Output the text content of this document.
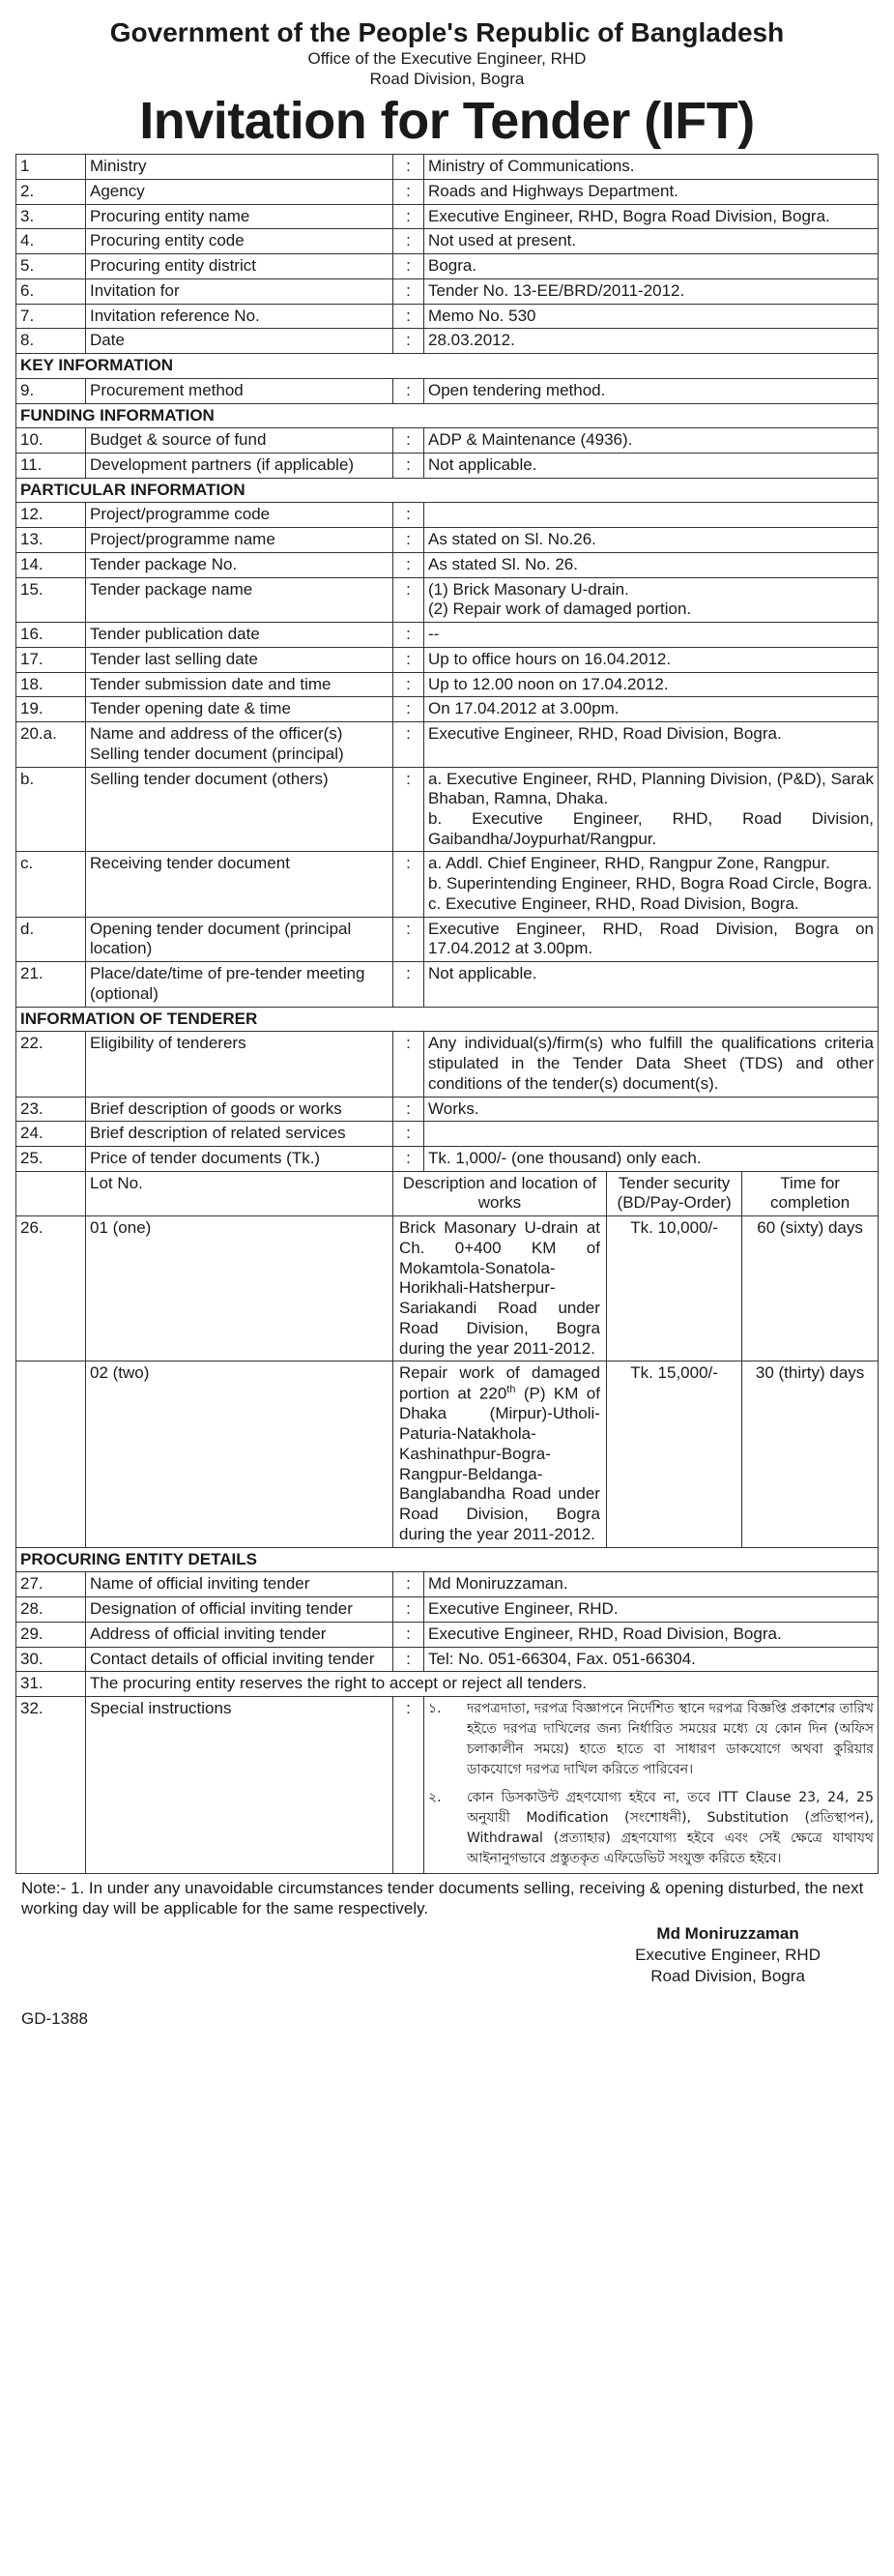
Government of the People's Republic of Bangladesh
Office of the Executive Engineer, RHD
Road Division, Bogra
Invitation for Tender (IFT)
1	Ministry	:	Ministry of Communications.

2.	Agency	:	Roads and Highways Department.

3.	Procuring entity name	:	Executive Engineer, RHD, Bogra Road Division, Bogra.

4.	Procuring entity code	:	Not used at present.

5.	Procuring entity district	:	Bogra.

6.	Invitation for	:	Tender No. 13-EE/BRD/2011-2012.

7.	Invitation reference No.	:	Memo No. 530

8.	Date	:	28.03.2012.

KEY INFORMATION
9.	Procurement method	:	Open tendering method.

FUNDING INFORMATION
10.	Budget & source of fund	:	ADP & Maintenance (4936).

11.	Development partners (if applicable)	:	Not applicable.

PARTICULAR INFORMATION
12.	Project/programme code	:	

13.	Project/programme name	:	As stated on Sl. No.26.

14.	Tender package No.	:	As stated Sl. No. 26.

15.	Tender package name	:	(1) Brick Masonary U-drain.
(2) Repair work of damaged portion.

16.	Tender publication date	:	--

17.	Tender last selling date	:	Up to office hours on 16.04.2012.

18.	Tender submission date and time	:	Up to 12.00 noon on 17.04.2012.

19.	Tender opening date & time	:	On 17.04.2012 at 3.00pm.

20.a.	Name and address of the officer(s) Selling tender document (principal)	:	Executive Engineer, RHD, Road Division, Bogra.

b.	Selling tender document (others)	:	a. Executive Engineer, RHD, Planning Division, (P&D), Sarak Bhaban, Ramna, Dhaka.
b. Executive Engineer, RHD, Road Division, Gaibandha/Joypurhat/Rangpur.

c.	Receiving tender document	:	a. Addl. Chief Engineer, RHD, Rangpur Zone, Rangpur.
b. Superintending Engineer, RHD, Bogra Road Circle, Bogra.
c. Executive Engineer, RHD, Road Division, Bogra.

d.	Opening tender document (principal location)	:	Executive Engineer, RHD, Road Division, Bogra on 17.04.2012 at 3.00pm.

21.	Place/date/time of pre-tender meeting (optional)	:	Not applicable.

INFORMATION OF TENDERER
22.	Eligibility of tenderers	:	Any individual(s)/firm(s) who fulfill the qualifications criteria stipulated in the Tender Data Sheet (TDS) and other conditions of the tender(s) document(s).

23.	Brief description of goods or works	:	Works.

24.	Brief description of related services	:	

25.	Price of tender documents (Tk.)	:	Tk. 1,000/- (one thousand) only each.

	Lot No.		Description and location of works	Tender security (BD/Pay-Order)	Time for completion

26.	01 (one)		Brick Masonary U-drain at Ch. 0+400 KM of Mokamtola-Sonatola-Horikhali-Hatsherpur-Sariakandi Road under Road Division, Bogra during the year 2011-2012.	Tk. 10,000/-	60 (sixty) days

	02 (two)		Repair work of damaged portion at 220th (P) KM of Dhaka (Mirpur)-Utholi-Paturia-Natakhola-Kashinathpur-Bogra-Rangpur-Beldanga-Banglabandha Road under Road Division, Bogra during the year 2011-2012.	Tk. 15,000/-	30 (thirty) days

PROCURING ENTITY DETAILS
27.	Name of official inviting tender	:	Md Moniruzzaman.

28.	Designation of official inviting tender	:	Executive Engineer, RHD.

29.	Address of official inviting tender	:	Executive Engineer, RHD, Road Division, Bogra.

30.	Contact details of official inviting tender	:	Tel: No. 051-66304, Fax. 051-66304.

31.	The procuring entity reserves the right to accept or reject all tenders.
32.	Special instructions	:	১.	দরপত্রদাতা, দরপত্র বিজ্ঞাপনে নির্দেশিত স্থানে দরপত্র বিজ্ঞপ্তি প্রকাশের তারিখ হইতে দরপত্র দাখিলের জন্য নির্ধারিত সময়ের মধ্যে যে কোন দিন (অফিস চলাকালীন সময়ে) হাতে হাতে বা সাধারণ ডাকযোগে অথবা কুরিয়ার ডাকযোগে দরপত্র দাখিল করিতে পারিবেন।
২.	কোন ডিসকাউন্ট গ্রহণযোগ্য হইবে না, তবে ITT Clause 23, 24, 25 অনুযায়ী Modification (সংশোধনী), Substitution (প্রতিস্থাপন), Withdrawal (প্রত্যাহার) গ্রহণযোগ্য হইবে এবং সেই ক্ষেত্রে যাথাযথ আইনানুগভাবে প্রস্তুতকৃত এফিডেভিট সংযুক্ত করিতে হইবে।
Note:- 1. In under any unavoidable circumstances tender documents selling, receiving & opening disturbed, the next working day will be applicable for the same respectively.
Md Moniruzzaman
Executive Engineer, RHD
Road Division, Bogra
GD-1388
